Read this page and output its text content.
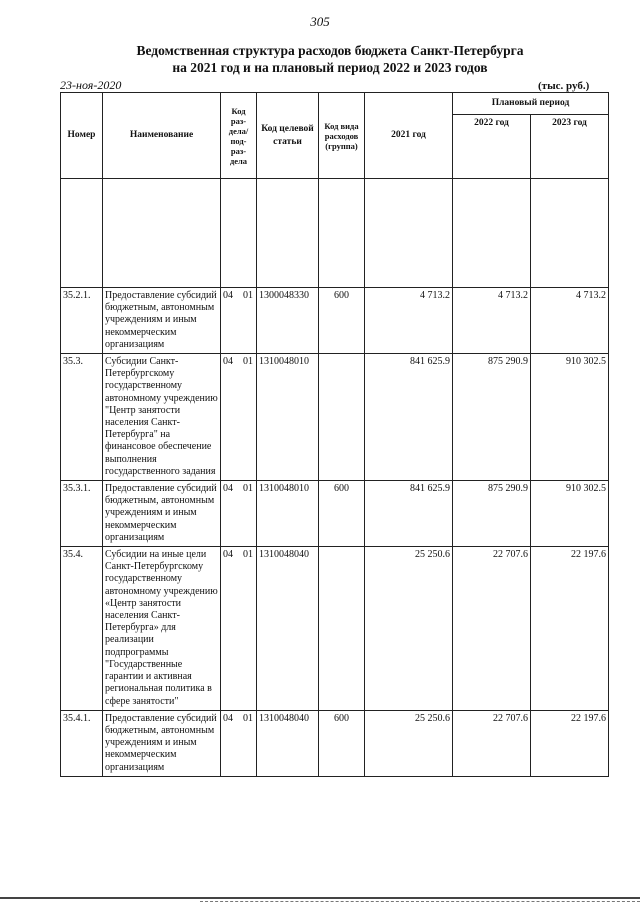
305
Ведомственная структура расходов бюджета Санкт-Петербурга
на 2021 год и на плановый период 2022 и 2023 годов
23-ноя-2020	(тыс. руб.)
Номер	Наименование	Код раз- дела/ под- раз- дела	Код целевой статьи	Код вида расходов (группа)	2021 год	Плановый период	
						2022 год	2023 год

35.2.1.	Предоставление субсидий бюджетным, автономным учреждениям и иным некоммерческим организациям	04 01	1300048330	600	4 713.2	4 713.2	4 713.2
35.3.	Субсидии Санкт-Петербургскому государственному автономному учреждению "Центр занятости населения Санкт-Петербурга" на финансовое обеспечение выполнения государственного задания	04 01	1310048010		841 625.9	875 290.9	910 302.5
35.3.1.	Предоставление субсидий бюджетным, автономным учреждениям и иным некоммерческим организациям	04 01	1310048010	600	841 625.9	875 290.9	910 302.5
35.4.	Субсидии на иные цели Санкт-Петербургскому государственному автономному учреждению «Центр занятости населения Санкт-Петербурга» для реализации подпрограммы "Государственные гарантии и активная региональная политика в сфере занятости"	04 01	1310048040		25 250.6	22 707.6	22 197.6
35.4.1.	Предоставление субсидий бюджетным, автономным учреждениям и иным некоммерческим организациям	04 01	1310048040	600	25 250.6	22 707.6	22 197.6
